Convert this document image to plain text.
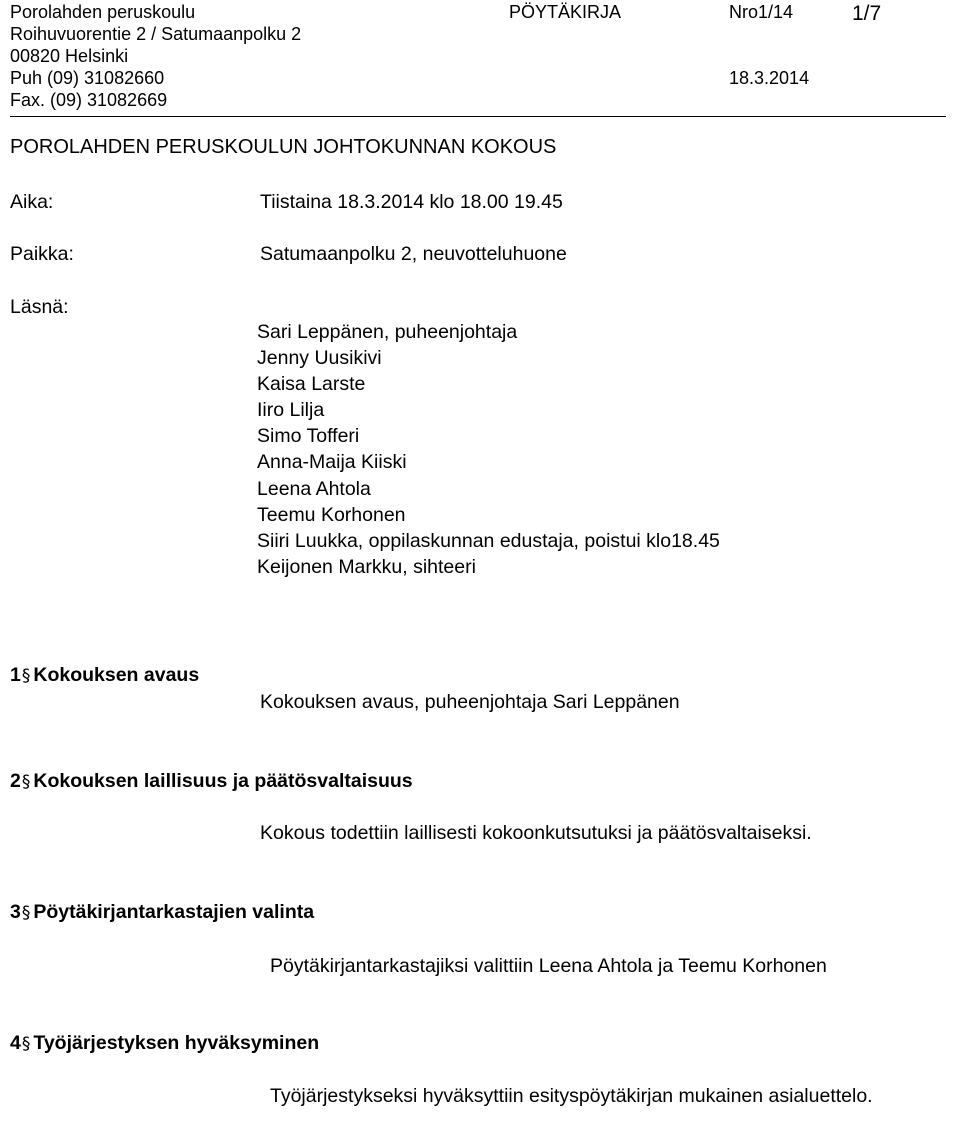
Porolahden peruskoulu
Roihuvuorentie 2 / Satumaanpolku 2
00820 Helsinki
Puh (09) 31082660
Fax. (09) 31082669
PÖYTÄKIRJA	Nro1/14	1/7
18.3.2014
POROLAHDEN PERUSKOULUN JOHTOKUNNAN KOKOUS
Aika:	Tiistaina 18.3.2014 klo 18.00 19.45
Paikka:	Satumaanpolku 2, neuvotteluhuone
Läsnä:
Sari Leppänen, puheenjohtaja
Jenny Uusikivi
Kaisa Larste
Iiro Lilja
Simo Tofferi
Anna-Maija Kiiski
Leena Ahtola
Teemu Korhonen
Siiri Luukka, oppilaskunnan edustaja, poistui klo18.45
Keijonen Markku, sihteeri
1§ Kokouksen avaus
Kokouksen avaus, puheenjohtaja Sari Leppänen
2§ Kokouksen laillisuus ja päätösvaltaisuus
Kokous todettiin laillisesti kokoonkutsutuksi ja päätösvaltaiseksi.
3§ Pöytäkirjantarkastajien valinta
Pöytäkirjantarkastajiksi valittiin Leena Ahtola ja Teemu Korhonen
4§ Työjärjestyksen hyväksyminen
Työjärjestykseksi hyväksyttiin esityspöytäkirjan mukainen asialuettelo.
